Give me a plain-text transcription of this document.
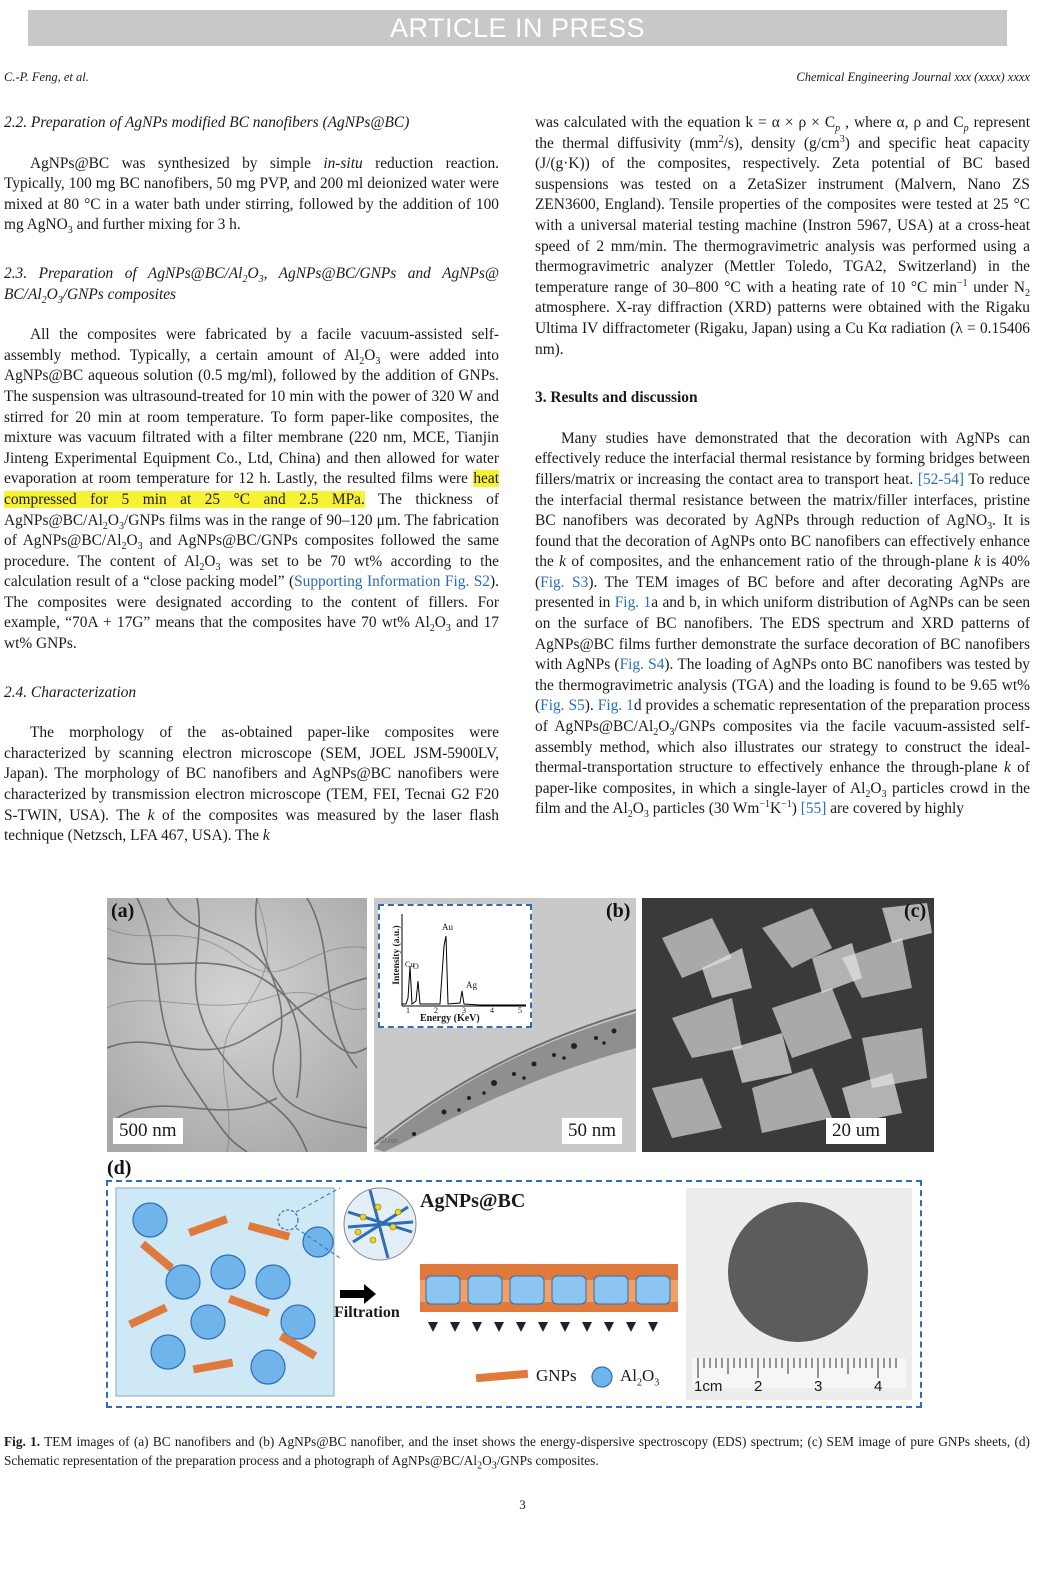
ARTICLE IN PRESS
C.-P. Feng, et al.	Chemical Engineering Journal xxx (xxxx) xxxx
2.2. Preparation of AgNPs modified BC nanofibers (AgNPs@BC)

AgNPs@BC was synthesized by simple in-situ reduction reaction. Typically, 100 mg BC nanofibers, 50 mg PVP, and 200 ml deionized water were mixed at 80 °C in a water bath under stirring, followed by the addition of 100 mg AgNO$_3$ and further mixing for 3 h.

2.3. Preparation of $AgNPs@BC/Al_2O_3$, AgNPs@BC/GNPs and AgNPs@ $BC/Al_2O_3$/GNPs composites

All the composites were fabricated by a facile vacuum-assisted self-assembly method. Typically, a certain amount of $Al_2O_3$ were added into AgNPs@BC aqueous solution (0.5 mg/ml), followed by the addition of GNPs. The suspension was ultrasound-treated for 10 min with the power of 320 W and stirred for 20 min at room temperature. To form paper-like composites, the mixture was vacuum filtrated with a filter membrane (220 nm, MCE, Tianjin Jinteng Experimental Equipment Co., Ltd, China) and then allowed for water evaporation at room temperature for 12 h. Lastly, the resulted films were heat compressed for 5 min at 25 °C and 2.5 MPa. The thickness of $AgNPs@BC/Al_2O_3$/GNPs films was in the range of 90–120 μm. The fabrication of $AgNPs@BC/Al_2O_3$ and AgNPs@BC/GNPs composites followed the same procedure. The content of $Al_2O_3$ was set to be 70 wt% according to the calculation result of a “close packing model” (Supporting Information Fig. S2). The composites were designated according to the content of fillers. For example, “70A + 17G” means that the composites have 70 wt% $Al_2O_3$ and 17 wt% GNPs.

2.4. Characterization

The morphology of the as-obtained paper-like composites were characterized by scanning electron microscope (SEM, JOEL JSM-5900LV, Japan). The morphology of BC nanofibers and AgNPs@BC nanofibers were characterized by transmission electron microscope (TEM, FEI, Tecnai G2 F20 S-TWIN, USA). The k of the composites was measured by the laser flash technique (Netzsch, LFA 467, USA). The k

was calculated with the equation $k = \alpha \times \rho \times C_p$ , where α, ρ and $C_p$ represent the thermal diffusivity $(mm^2/s)$, density $(g/cm^3)$ and specific heat capacity (J/(g·K)) of the composites, respectively. Zeta potential of BC based suspensions was tested on a ZetaSizer instrument (Malvern, Nano ZS ZEN3600, England). Tensile properties of the composites were tested at 25 °C with a universal material testing machine (Instron 5967, USA) at a cross-heat speed of 2 mm/min. The thermogravimetric analysis was performed using a thermogravimetric analyzer (Mettler Toledo, TGA2, Switzerland) in the temperature range of 30–800 °C with a heating rate of 10 °C $\min^{-1}$ under $N_2$ atmosphere. X-ray diffraction (XRD) patterns were obtained with the Rigaku Ultima IV diffractometer (Rigaku, Japan) using a Cu Kα radiation (λ = 0.15406 nm).

3. Results and discussion

Many studies have demonstrated that the decoration with AgNPs can effectively reduce the interfacial thermal resistance by forming bridges between fillers/matrix or increasing the contact area to transport heat. [52-54] To reduce the interfacial thermal resistance between the matrix/filler interfaces, pristine BC nanofibers was decorated by AgNPs through reduction of AgNO$_3$. It is found that the decoration of AgNPs onto BC nanofibers can effectively enhance the k of composites, and the enhancement ratio of the through-plane k is 40% (Fig. S3). The TEM images of BC before and after decorating AgNPs are presented in Fig. 1a and b, in which uniform distribution of AgNPs can be seen on the surface of BC nanofibers. The EDS spectrum and XRD patterns of AgNPs@BC films further demonstrate the surface decoration of BC nanofibers with AgNPs (Fig. S4). The loading of AgNPs onto BC nanofibers was tested by the thermogravimetric analysis (TGA) and the loading is found to be 9.65 wt% (Fig. S5). Fig. 1d provides a schematic representation of the preparation process of $AgNPs@BC/Al_2O_3$/GNPs composites via the facile vacuum-assisted self-assembly method, which also illustrates our strategy to construct the ideal-thermal-transportation structure to effectively enhance the through-plane k of paper-like composites, in which a single-layer of $Al_2O_3$ particles crowd in the film and the $Al_2O_3$ particles (30 $Wm^{-1}K^{-1}$) [55] are covered by highly

(a)
500 nm
(b)
50 nm
50 nm
Intensity (a.u.)	Au
Ag
Cu
O
1	2	3	4	5
Energy (KeV)
(c)
20 um
(d)
AgNPs@BC
Filtration
GNPs	$Al_2O_3$ 1cm 2	3	4
Fig. 1. TEM images of (a) BC nanofibers and (b) AgNPs@BC nanofiber, and the inset shows the energy-dispersive spectroscopy (EDS) spectrum; (c) SEM image of pure GNPs sheets, (d) Schematic representation of the preparation process and a photograph of $AgNPs@BC/Al_2O_3$/GNPs composites.
3
